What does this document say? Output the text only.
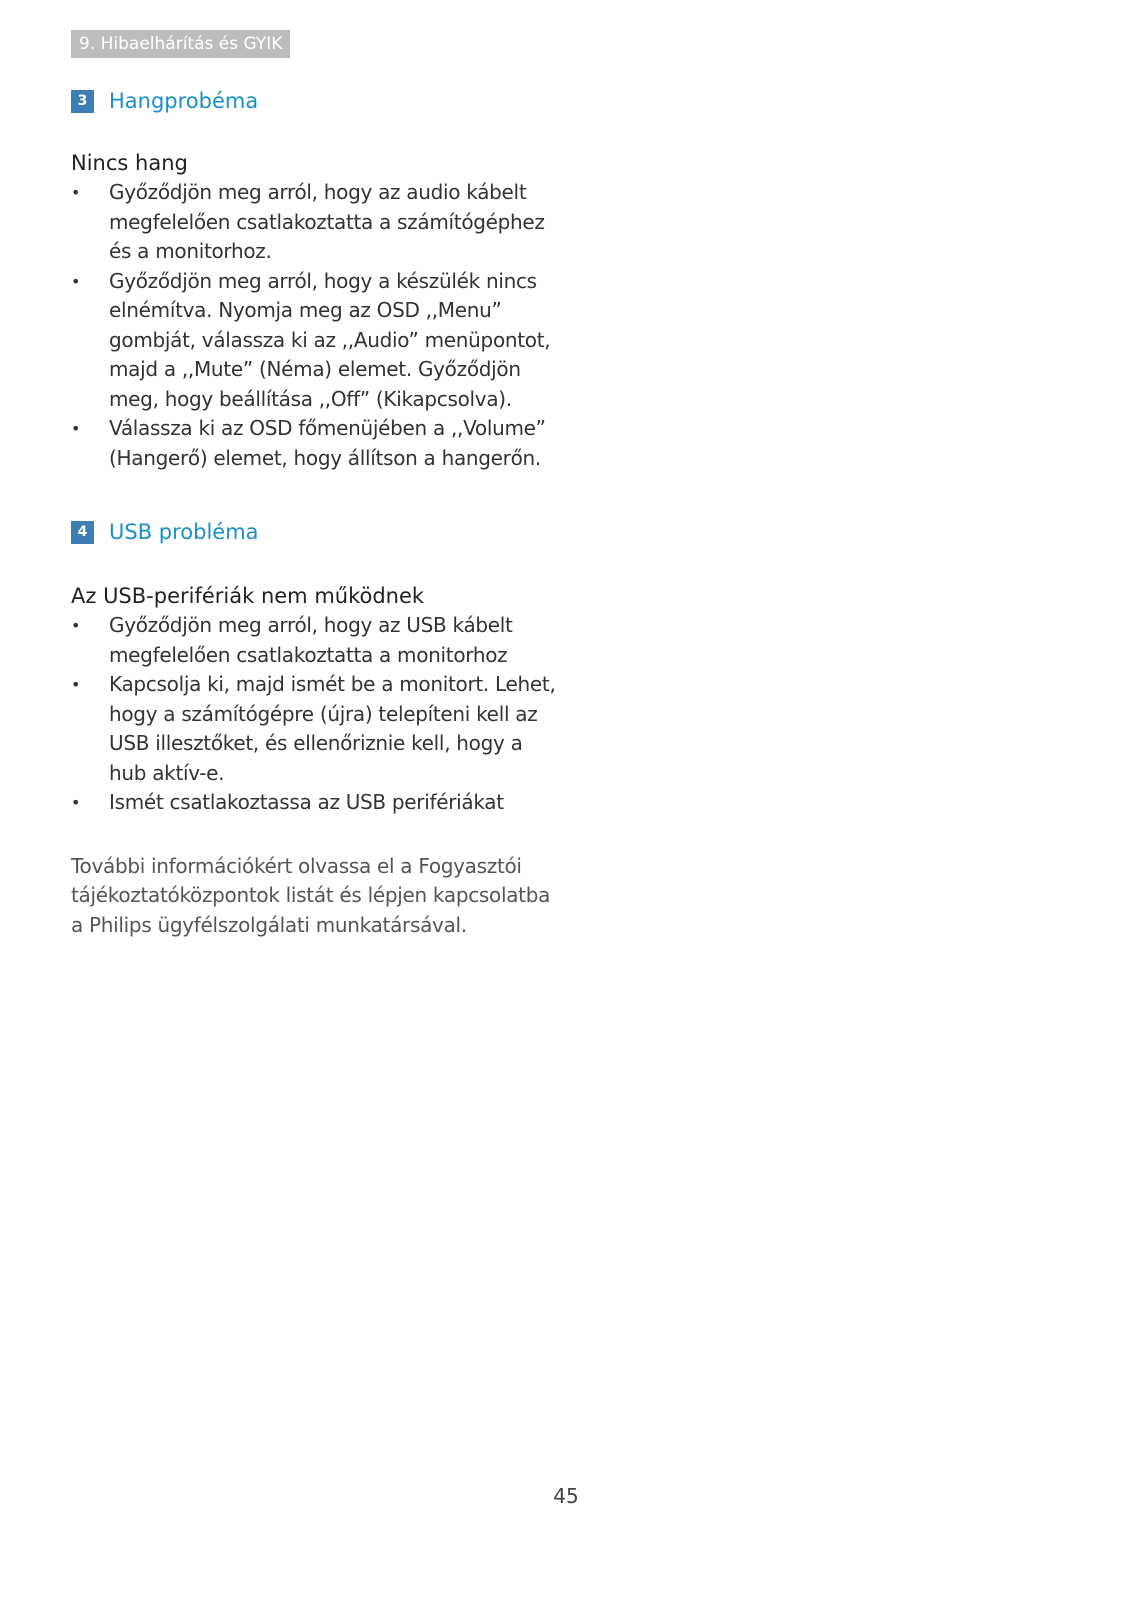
9. Hibaelhárítás és GYIK
3	Hangprobéma

Nincs hang

•	Győződjön meg arról, hogy az audio kábelt megfelelően csatlakoztatta a számítógéphez és a monitorhoz.
•	Győződjön meg arról, hogy a készülék nincs elnémítva. Nyomja meg az OSD ,,Menu” gombját, válassza ki az ,,Audio” menüpontot, majd a ,,Mute” (Néma) elemet. Győződjön meg, hogy beállítása ,,Off” (Kikapcsolva).
•	Válassza ki az OSD főmenüjében a ,,Volume” (Hangerő) elemet, hogy állítson a hangerőn.
4	USB probléma

Az USB-perifériák nem működnek

•	Győződjön meg arról, hogy az USB kábelt megfelelően csatlakoztatta a monitorhoz
•	Kapcsolja ki, majd ismét be a monitort. Lehet, hogy a számítógépre (újra) telepíteni kell az USB illesztőket, és ellenőriznie kell, hogy a hub aktív-e.
•	Ismét csatlakoztassa az USB perifériákat

További információkért olvassa el a Fogyasztói tájékoztatóközpontok listát és lépjen kapcsolatba a Philips ügyfélszolgálati munkatársával.

45
